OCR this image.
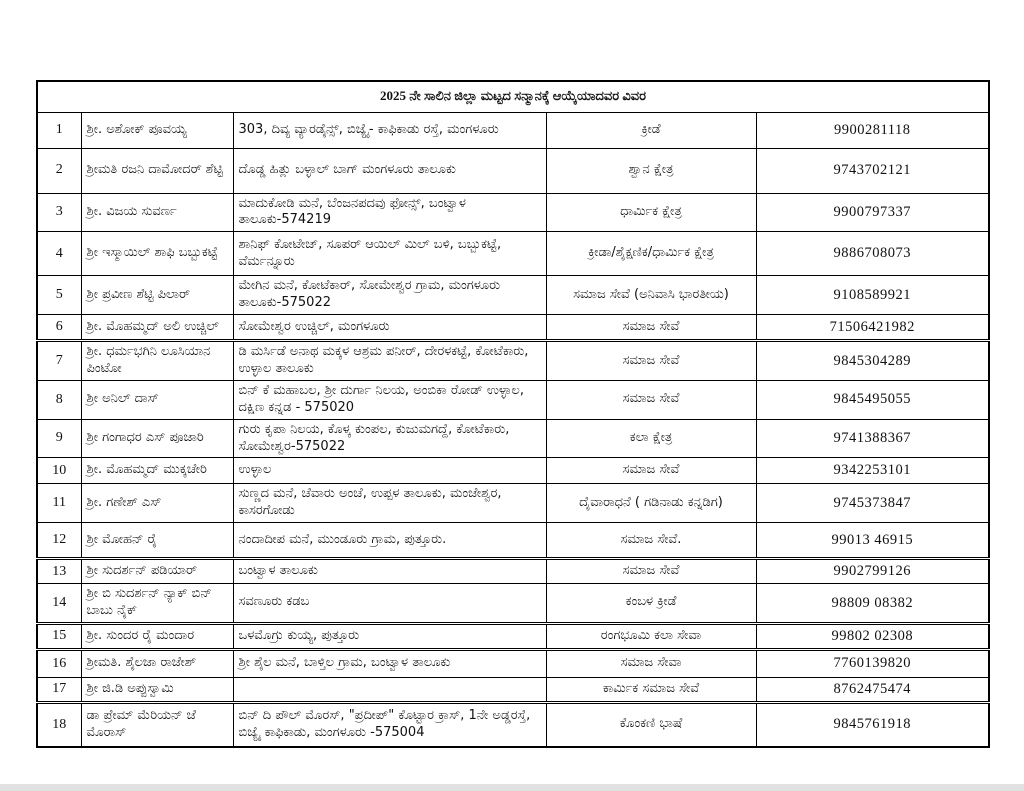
2025 ನೇ ಸಾಲಿನ ಜಿಲ್ಲಾ ಮಟ್ಟದ ಸನ್ಮಾನಕ್ಕೆ ಆಯ್ಕೆಯಾದವರ ವಿವರ				
1	ಶ್ರೀ. ಅಶೋಕ್ ಪೂವಯ್ಯ	303, ದಿವ್ಯ ವ್ಯಾರಡೈನ್ಸ್, ಬಿಜ್ಯೈ- ಕಾಫಿಕಾಡು ರಸ್ತೆ, ಮಂಗಳೂರು	ಕ್ರೀಡೆ	9900281118
2	ಶ್ರೀಮತಿ ರಜನಿ ದಾಮೋದರ್ ಶೆಟ್ಟಿ	ದೊಡ್ಡ ಹಿತ್ಲು ಬಳ್ಳಾಲ್ ಬಾಗ್ ಮಂಗಳೂರು ತಾಲೂಕು	ಶ್ವಾನ ಕ್ಷೇತ್ರ	9743702121
3	ಶ್ರೀ. ವಿಜಯ ಸುವರ್ಣ	ಮಾದುಕೋಡಿ ಮನೆ, ಬೆಂಜನಪದವು ಫೋನ್ಸ್, ಬಂಟ್ವಾಳ ತಾಲೂಕು-574219	ಧಾರ್ಮಿಕ ಕ್ಷೇತ್ರ	9900797337
4	ಶ್ರೀ ಇಸ್ಮಾಯಿಲ್ ಶಾಫಿ ಬಬ್ಬುಕಟ್ಟೆ	ಶಾನಿಫ್ ಕೋಟೇಜ್, ಸೂಪರ್ ಆಯಿಲ್ ಮಿಲ್ ಬಳಿ, ಬಬ್ಬುಕಟ್ಟೆ, ವೆರ್ಮನ್ನೂರು	ಕ್ರೀಡಾ/ಶೈಕ್ಷಣಿಕ/ಧಾರ್ಮಿಕ ಕ್ಷೇತ್ರ	9886708073
5	ಶ್ರೀ ಪ್ರವೀಣ ಶೆಟ್ಟಿ ಪಿಲಾರ್	ಮೇಗಿನ ಮನೆ, ಕೋಟೆಕಾರ್, ಸೋಮೇಶ್ವರ ಗ್ರಾಮ, ಮಂಗಳೂರು ತಾಲೂಕು-575022	ಸಮಾಜ ಸೇವೆ (ಅನಿವಾಸಿ ಭಾರತೀಯ)	9108589921
6	ಶ್ರೀ. ಮೊಹಮ್ಮದ್ ಅಲಿ ಉಚ್ಚಿಲ್	ಸೋಮೇಶ್ವರ ಉಚ್ಚಿಲ್, ಮಂಗಳೂರು	ಸಮಾಜ ಸೇವೆ	71506421982
7	ಶ್ರೀ. ಧರ್ಮಭಗಿನಿ ಲೂಸಿಯಾನ ಪಿಂಟೋ	ಡಿ ಮರ್ಸಿಡೆ ಅನಾಥ ಮಕ್ಕಳ ಆಶ್ರಮ ಪನೀರ್, ದೇರಳಕಟ್ಟೆ, ಕೋಟೆಕಾರು, ಉಳ್ಳಾಲ ತಾಲೂಕು	ಸಮಾಜ ಸೇವೆ	9845304289
8	ಶ್ರೀ ಅನಿಲ್ ದಾಸ್	ಬಿನ್ ಕೆ ಮಹಾಬಲ, ಶ್ರೀ ದುರ್ಗಾ ನಿಲಯ, ಅಂಬಿಕಾ ರೋಡ್ ಉಳ್ಳಾಲ, ದಕ್ಷಿಣ ಕನ್ನಡ - 575020	ಸಮಾಜ ಸೇವೆ	9845495055
9	ಶ್ರೀ ಗಂಗಾಧರ ಎಸ್ ಪೂಜಾರಿ	ಗುರು ಕೃಪಾ ನಿಲಯ, ಕೊಳ್ಕ ಕುಂಪಲ, ಕುಜುಮಗದ್ದೆ, ಕೋಟೆಕಾರು, ಸೋಮೇಶ್ವರ-575022	ಕಲಾ ಕ್ಷೇತ್ರ	9741388367
10	ಶ್ರೀ. ಮೊಹಮ್ಮದ್ ಮುಕ್ಕಚೇರಿ	ಉಳ್ಳಾಲ	ಸಮಾಜ ಸೇವೆ	9342253101
11	ಶ್ರೀ. ಗಣೇಶ್ ಎಸ್	ಸುಣ್ಣದ ಮನೆ, ಚೆವಾರು ಅಂಚೆ, ಉಪ್ಪಳ ತಾಲೂಕು, ಮಂಜೇಶ್ವರ, ಕಾಸರಗೋಡು	ದೈವಾರಾಧನೆ ( ಗಡಿನಾಡು ಕನ್ನಡಿಗ)	9745373847
12	ಶ್ರೀ ಮೋಹನ್ ರೈ	ನಂದಾದೀಪ ಮನೆ, ಮುಂಡೂರು ಗ್ರಾಮ, ಪುತ್ತೂರು.	ಸಮಾಜ ಸೇವೆ.	99013 46915
13	ಶ್ರೀ ಸುದರ್ಶನ್ ಪಡಿಯಾರ್	ಬಂಟ್ವಾಳ ತಾಲೂಕು	ಸಮಾಜ ಸೇವೆ	9902799126
14	ಶ್ರೀ ಬಿ ಸುದರ್ಶನ್ ನ್ಯಾಕ್ ಬಿನ್ ಬಾಬು ನೈಕ್	ಸವಣೂರು ಕಡಬ	ಕಂಬಳ ಕ್ರೀಡೆ	98809 08382
15	ಶ್ರೀ. ಸುಂದರ ರೈ ಮಂದಾರ	ಒಳಮೊಗ್ರು ಕುಯ್ಯ, ಪುತ್ತೂರು	ರಂಗಭೂಮಿ ಕಲಾ ಸೇವಾ	99802 02308
16	ಶ್ರೀಮತಿ. ಶೈಲಜಾ ರಾಜೇಶ್	ಶ್ರೀ ಶೈಲ ಮನೆ, ಬಾಳ್ತಿಲ ಗ್ರಾಮ, ಬಂಟ್ವಾಳ ತಾಲೂಕು	ಸಮಾಜ ಸೇವಾ	7760139820
17	ಶ್ರೀ ಜಿ.ಡಿ ಅಪ್ಪುಸ್ವಾಮಿ		ಕಾರ್ಮಿಕ ಸಮಾಜ ಸೇವೆ	8762475474
18	ಡಾ ಪ್ರೇಮ್ ಮೆರಿಯನ್ ಜೆ ಮೊರಾಸ್	ಬಿನ್ ದಿ ಪೌಲ್ ಮೊರಸ್, "ಪ್ರದೀಪ್" ಕೊಟ್ಟಾರ ಕ್ರಾಸ್, 1ನೇ ಅಡ್ಡರಸ್ತೆ, ಬಿಜ್ಯೈ ಕಾಫಿಕಾಡು, ಮಂಗಳೂರು -575004	ಕೊಂಕಣಿ ಭಾಷೆ	9845761918
